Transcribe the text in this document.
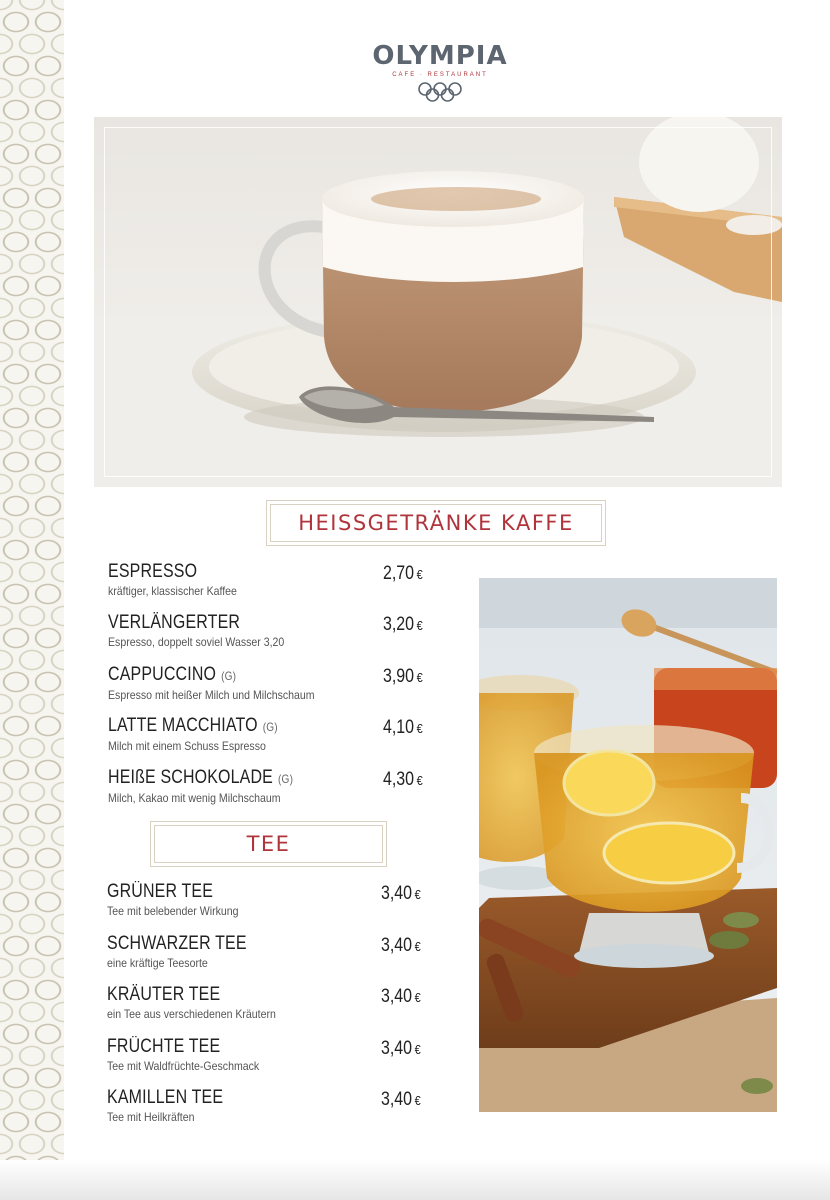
OLYMPIA
CAFE · RESTAURANT
HEISSGETRÄNKE KAFFE
ESPRESSO
kräftiger, klassischer Kaffee
2,70 €
VERLÄNGERTER
Espresso, doppelt soviel Wasser 3,20
3,20 €
CAPPUCCINO (G)
Espresso mit heißer Milch und Milchschaum
3,90 €
LATTE MACCHIATO (G)
Milch mit einem Schuss Espresso
4,10 €
HEIßE SCHOKOLADE (G)
Milch, Kakao mit wenig Milchschaum
4,30 €
TEE
GRÜNER TEE
Tee mit belebender Wirkung
3,40 €
SCHWARZER TEE
eine kräftige Teesorte
3,40 €
KRÄUTER TEE
ein Tee aus verschiedenen Kräutern
3,40 €
FRÜCHTE TEE
Tee mit Waldfrüchte-Geschmack
3,40 €
KAMILLEN TEE
Tee mit Heilkräften
3,40 €
